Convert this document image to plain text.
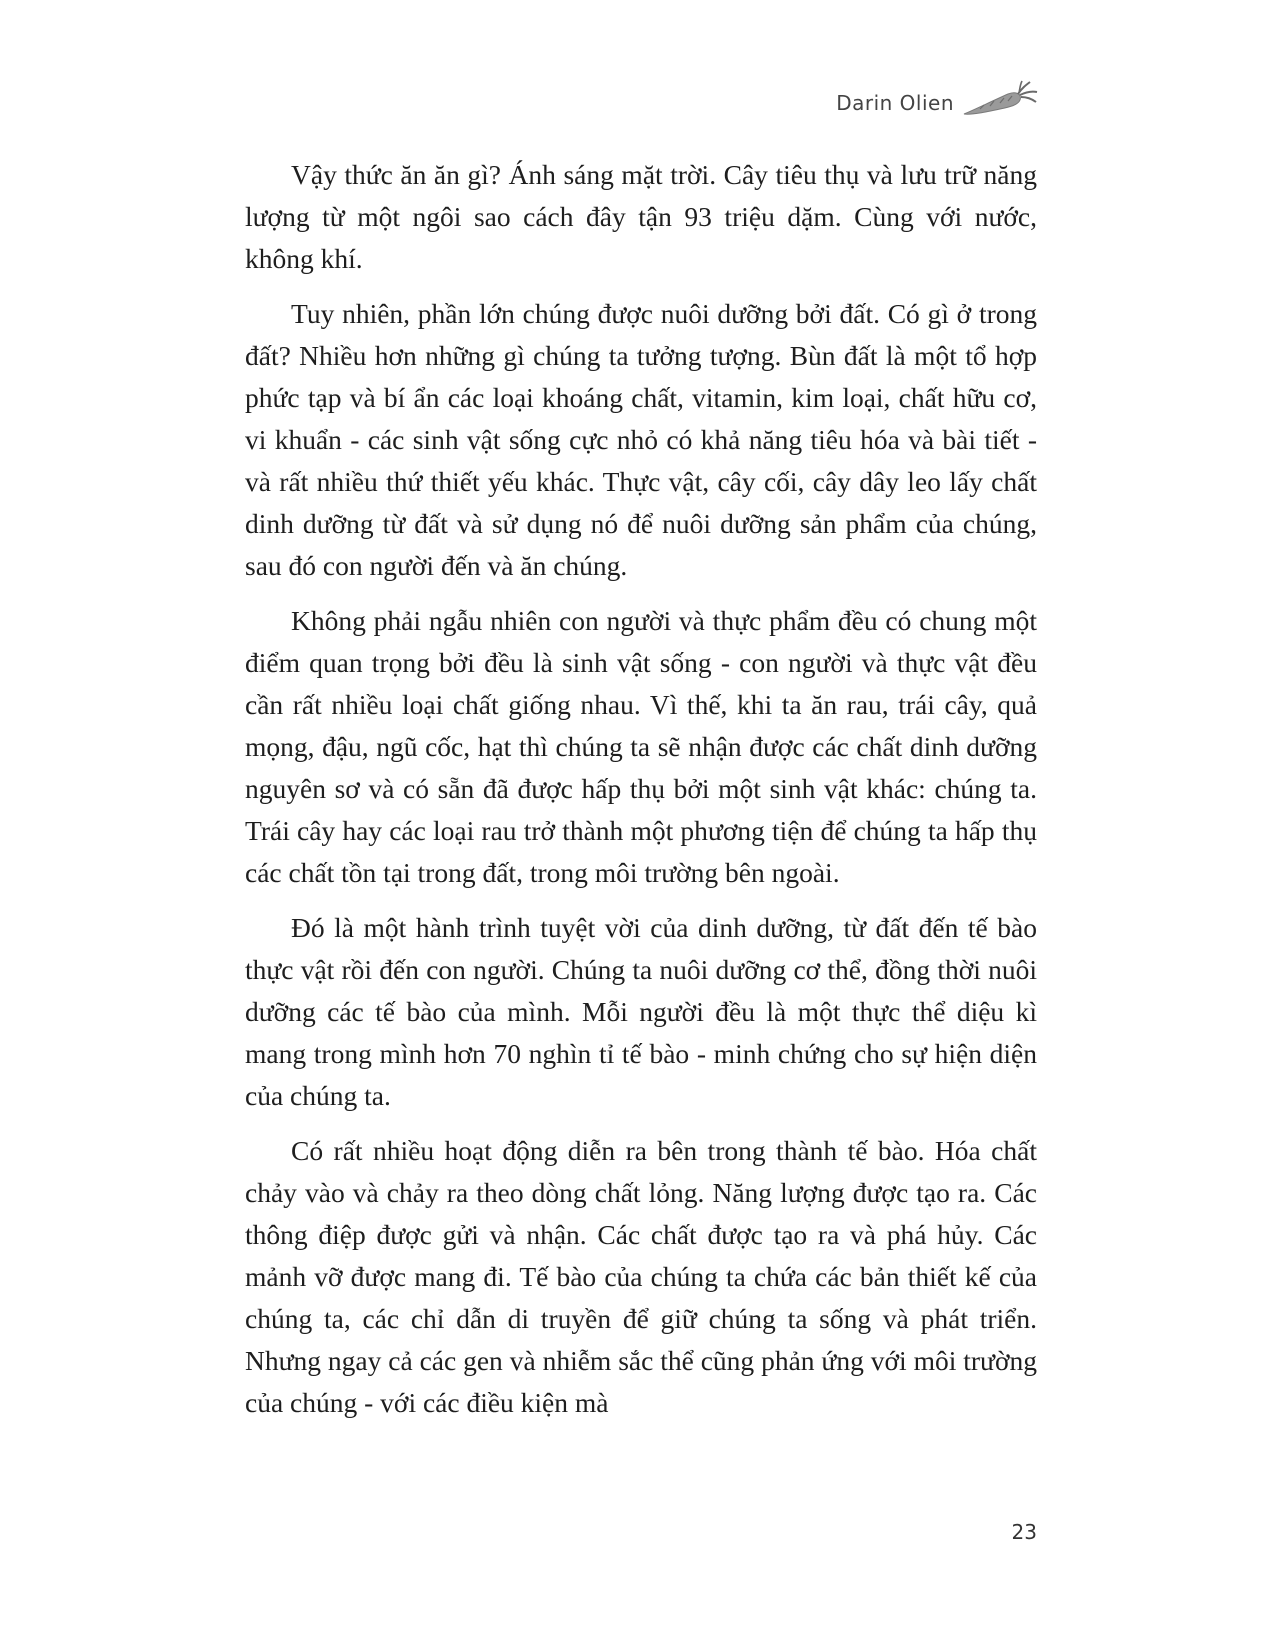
Darin Olien

Vậy thức ăn ăn gì? Ánh sáng mặt trời. Cây tiêu thụ và lưu trữ năng lượng từ một ngôi sao cách đây tận 93 triệu dặm. Cùng với nước, không khí.

Tuy nhiên, phần lớn chúng được nuôi dưỡng bởi đất. Có gì ở trong đất? Nhiều hơn những gì chúng ta tưởng tượng. Bùn đất là một tổ hợp phức tạp và bí ẩn các loại khoáng chất, vitamin, kim loại, chất hữu cơ, vi khuẩn - các sinh vật sống cực nhỏ có khả năng tiêu hóa và bài tiết - và rất nhiều thứ thiết yếu khác. Thực vật, cây cối, cây dây leo lấy chất dinh dưỡng từ đất và sử dụng nó để nuôi dưỡng sản phẩm của chúng, sau đó con người đến và ăn chúng.

Không phải ngẫu nhiên con người và thực phẩm đều có chung một điểm quan trọng bởi đều là sinh vật sống - con người và thực vật đều cần rất nhiều loại chất giống nhau. Vì thế, khi ta ăn rau, trái cây, quả mọng, đậu, ngũ cốc, hạt thì chúng ta sẽ nhận được các chất dinh dưỡng nguyên sơ và có sẵn đã được hấp thụ bởi một sinh vật khác: chúng ta. Trái cây hay các loại rau trở thành một phương tiện để chúng ta hấp thụ các chất tồn tại trong đất, trong môi trường bên ngoài.

Đó là một hành trình tuyệt vời của dinh dưỡng, từ đất đến tế bào thực vật rồi đến con người. Chúng ta nuôi dưỡng cơ thể, đồng thời nuôi dưỡng các tế bào của mình. Mỗi người đều là một thực thể diệu kì mang trong mình hơn 70 nghìn tỉ tế bào - minh chứng cho sự hiện diện của chúng ta.

Có rất nhiều hoạt động diễn ra bên trong thành tế bào. Hóa chất chảy vào và chảy ra theo dòng chất lỏng. Năng lượng được tạo ra. Các thông điệp được gửi và nhận. Các chất được tạo ra và phá hủy. Các mảnh vỡ được mang đi. Tế bào của chúng ta chứa các bản thiết kế của chúng ta, các chỉ dẫn di truyền để giữ chúng ta sống và phát triển. Nhưng ngay cả các gen và nhiễm sắc thể cũng phản ứng với môi trường của chúng - với các điều kiện mà

23
